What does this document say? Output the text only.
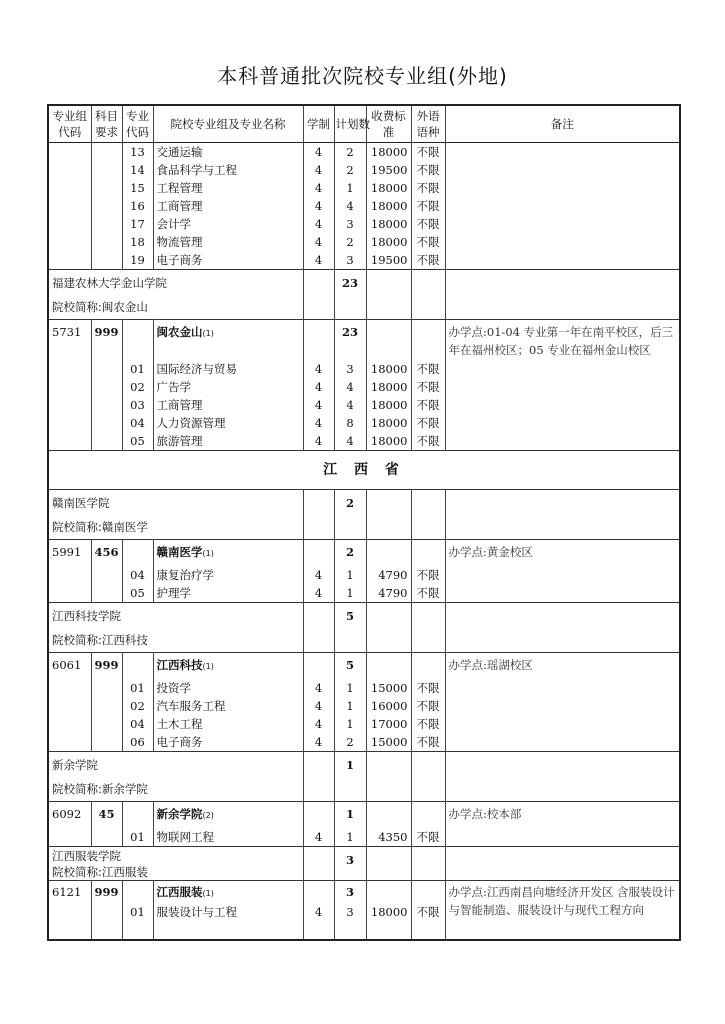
本科普通批次院校专业组(外地)
专业组代码	科目要求	专业代码	院校专业组及专业名称	学制	计划数	收费标准	外语语种	备注
		13	交通运输	4	2	18000	不限	
		14	食品科学与工程	4	2	19500	不限	
		15	工程管理	4	1	18000	不限	
		16	工商管理	4	4	18000	不限	
		17	会计学	4	3	18000	不限	
		18	物流管理	4	2	18000	不限	
		19	电子商务	4	3	19500	不限	

福建农林大学金山学院
院校简称:闽农金山					23			
5731	999		闽农金山(1)		23			办学点:01-04 专业第一年在南平校区，后三年在福州校区；05 专业在福州金山校区
		01	国际经济与贸易	4	3	18000	不限	
		02	广告学	4	4	18000	不限	
		03	工商管理	4	4	18000	不限	
		04	人力资源管理	4	8	18000	不限	
		05	旅游管理	4	4	18000	不限	
江 西 省								

赣南医学院
院校简称:赣南医学					2			
5991	456		赣南医学(1)		2			办学点:黄金校区
		04	康复治疗学	4	1	4790	不限	
		05	护理学	4	1	4790	不限	

江西科技学院
院校简称:江西科技					5			
6061	999		江西科技(1)		5			办学点:瑶湖校区
		01	投资学	4	1	15000	不限	
		02	汽车服务工程	4	1	16000	不限	
		04	土木工程	4	1	17000	不限	
		06	电子商务	4	2	15000	不限	

新余学院
院校简称:新余学院					1			
6092	45		新余学院(2)		1			办学点:校本部
		01	物联网工程	4	1	4350	不限	

江西服装学院
院校简称:江西服装					3			
6121	999		江西服装(1)		3			办学点:江西南昌向塘经济开发区 含服装设计与智能制造、服装设计与现代工程方向
		01	服装设计与工程	4	3	18000	不限	
